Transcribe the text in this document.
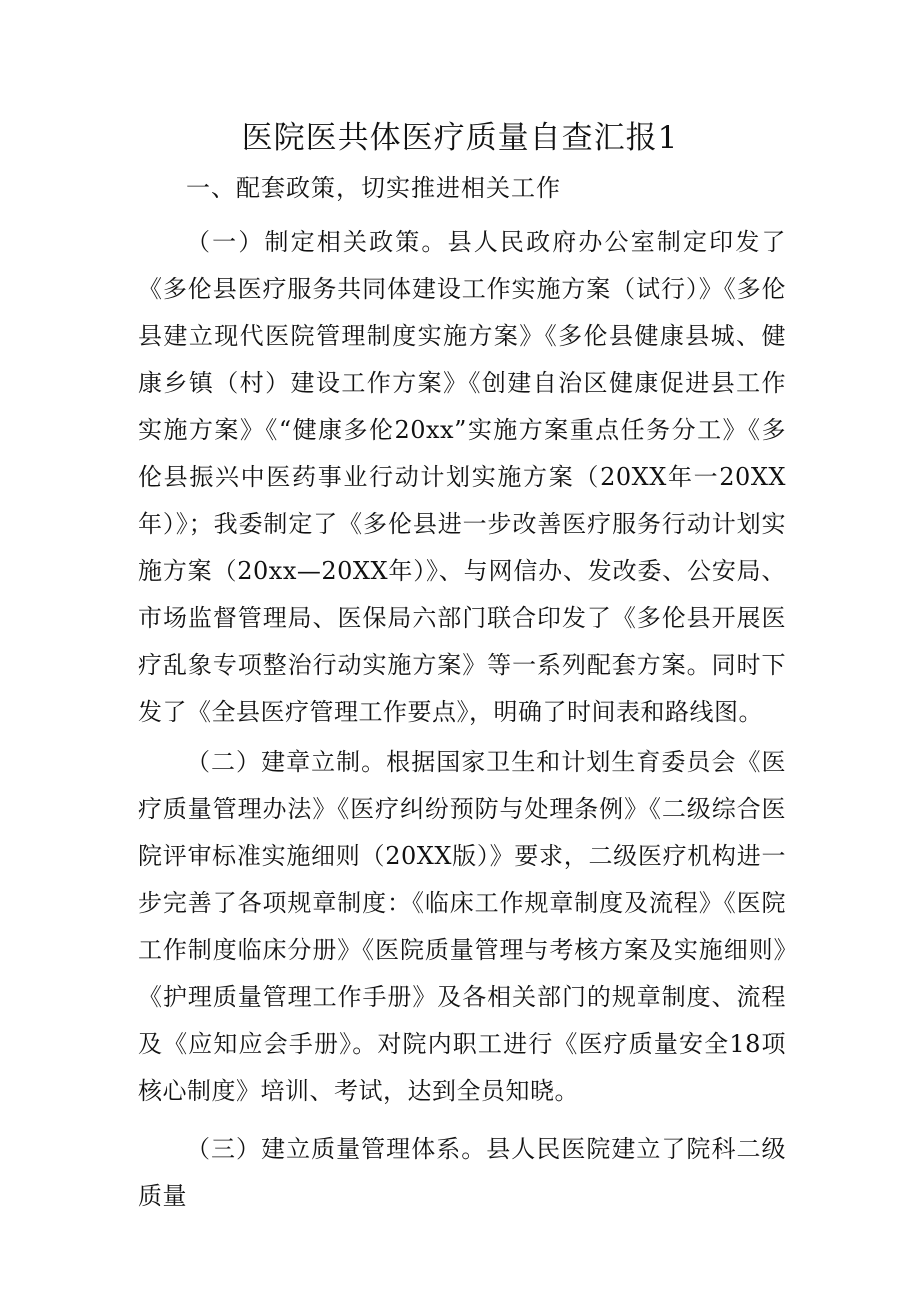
医院医共体医疗质量自查汇报1
一、配套政策，切实推进相关工作

（一）制定相关政策。县人民政府办公室制定印发了《多伦县医疗服务共同体建设工作实施方案（试行）》《多伦县建立现代医院管理制度实施方案》《多伦县健康县城、健康乡镇（村）建设工作方案》《创建自治区健康促进县工作实施方案》《“健康多伦20xx”实施方案重点任务分工》《多伦县振兴中医药事业行动计划实施方案（20XX年一20XX年）》；我委制定了《多伦县进一步改善医疗服务行动计划实施方案（20xx—20XX年）》、与网信办、发改委、公安局、市场监督管理局、医保局六部门联合印发了《多伦县开展医疗乱象专项整治行动实施方案》等一系列配套方案。同时下发了《全县医疗管理工作要点》，明确了时间表和路线图。

（二）建章立制。根据国家卫生和计划生育委员会《医疗质量管理办法》《医疗纠纷预防与处理条例》《二级综合医院评审标准实施细则（20XX版）》要求，二级医疗机构进一步完善了各项规章制度：《临床工作规章制度及流程》《医院工作制度临床分册》《医院质量管理与考核方案及实施细则》《护理质量管理工作手册》及各相关部门的规章制度、流程及《应知应会手册》。对院内职工进行《医疗质量安全18项核心制度》培训、考试，达到全员知晓。

（三）建立质量管理体系。县人民医院建立了院科二级质量
